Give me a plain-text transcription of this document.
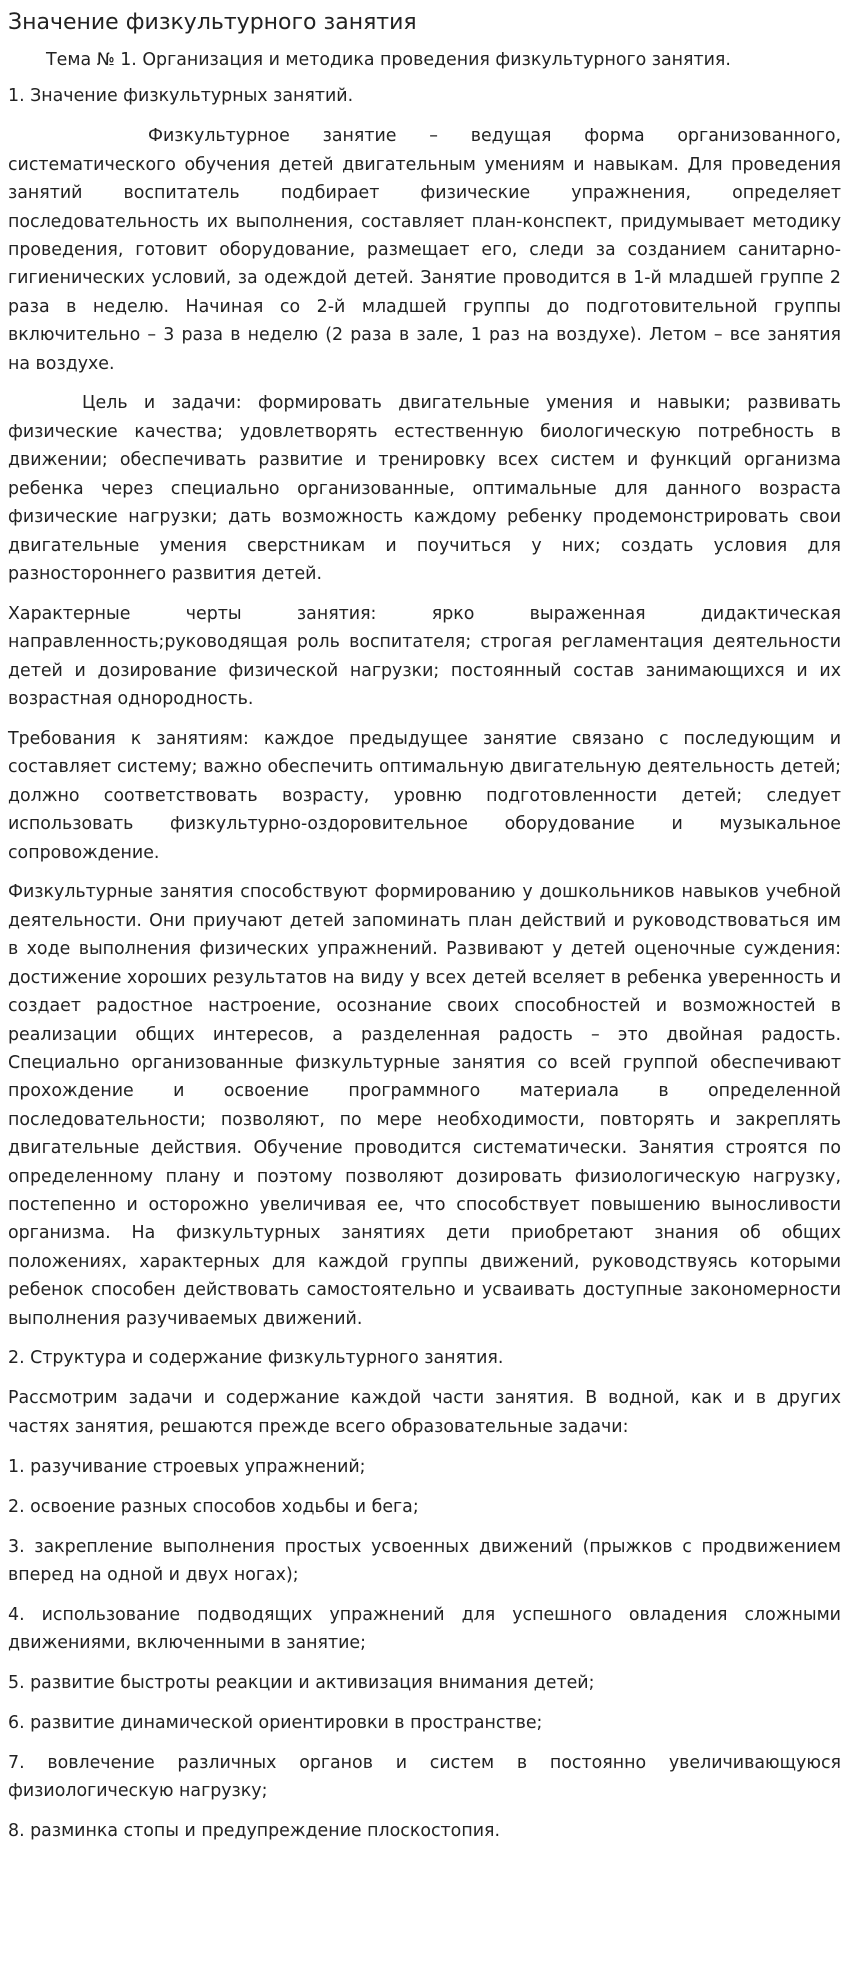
Значение физкультурного занятия
Тема № 1. Организация и методика проведения физкультурного занятия.

1. Значение физкультурных занятий.

Физкультурное занятие – ведущая форма организованного, систематического обучения детей двигательным умениям и навыкам. Для проведения занятий воспитатель подбирает физические упражнения, определяет последовательность их выполнения, составляет план-конспект, придумывает методику проведения, готовит оборудование, размещает его, следи за созданием санитарно-гигиенических условий, за одеждой детей. Занятие проводится в 1-й младшей группе 2 раза в неделю. Начиная со 2-й младшей группы до подготовительной группы включительно – 3 раза в неделю (2 раза в зале, 1 раз на воздухе). Летом – все занятия на воздухе.

Цель и задачи: формировать двигательные умения и навыки; развивать физические качества; удовлетворять естественную биологическую потребность в движении; обеспечивать развитие и тренировку всех систем и функций организма ребенка через специально организованные, оптимальные для данного возраста физические нагрузки; дать возможность каждому ребенку продемонстрировать свои двигательные умения сверстникам и поучиться у них; создать условия для разностороннего развития детей.

Характерные черты занятия: ярко выраженная дидактическая направленность;руководящая роль воспитателя; строгая регламентация деятельности детей и дозирование физической нагрузки; постоянный состав занимающихся и их возрастная однородность.

Требования к занятиям: каждое предыдущее занятие связано с последующим и составляет систему; важно обеспечить оптимальную двигательную деятельность детей; должно соответствовать возрасту, уровню подготовленности детей; следует использовать физкультурно-оздоровительное оборудование и музыкальное сопровождение.

Физкультурные занятия способствуют формированию у дошкольников навыков учебной деятельности. Они приучают детей запоминать план действий и руководствоваться им в ходе выполнения физических упражнений. Развивают у детей оценочные суждения: достижение хороших результатов на виду у всех детей вселяет в ребенка уверенность и создает радостное настроение, осознание своих способностей и возможностей в реализации общих интересов, а разделенная радость – это двойная радость. Специально организованные физкультурные занятия со всей группой обеспечивают прохождение и освоение программного материала в определенной последовательности; позволяют, по мере необходимости, повторять и закреплять двигательные действия. Обучение проводится систематически. Занятия строятся по определенному плану и поэтому позволяют дозировать физиологическую нагрузку, постепенно и осторожно увеличивая ее, что способствует повышению выносливости организма. На физкультурных занятиях дети приобретают знания об общих положениях, характерных для каждой группы движений, руководствуясь которыми ребенок способен действовать самостоятельно и усваивать доступные закономерности выполнения разучиваемых движений.

2. Структура и содержание физкультурного занятия.

Рассмотрим задачи и содержание каждой части занятия. В водной, как и в других частях занятия, решаются прежде всего образовательные задачи:

1. разучивание строевых упражнений;

2. освоение разных способов ходьбы и бега;

3. закрепление выполнения простых усвоенных движений (прыжков с продвижением вперед на одной и двух ногах);

4. использование подводящих упражнений для успешного овладения сложными движениями, включенными в занятие;

5. развитие быстроты реакции и активизация внимания детей;

6. развитие динамической ориентировки в пространстве;

7. вовлечение различных органов и систем в постоянно увеличивающуюся физиологическую нагрузку;

8. разминка стопы и предупреждение плоскостопия.
